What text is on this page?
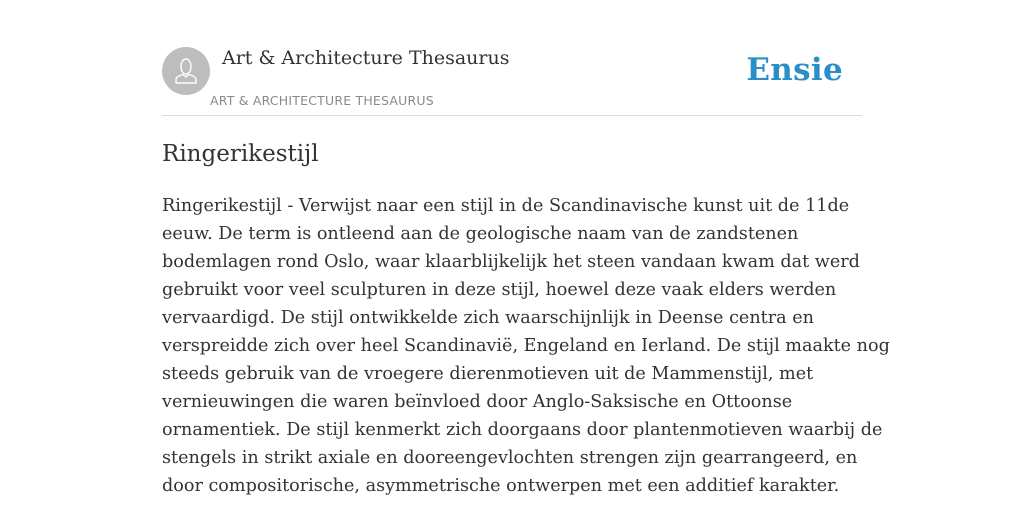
Art & Architecture Thesaurus
ART & ARCHITECTURE THESAURUS
Ensie
Ringerikestijl

Ringerikestijl - Verwijst naar een stijl in de Scandinavische kunst uit de 11de
eeuw. De term is ontleend aan de geologische naam van de zandstenen
bodemlagen rond Oslo, waar klaarblijkelijk het steen vandaan kwam dat werd
gebruikt voor veel sculpturen in deze stijl, hoewel deze vaak elders werden
vervaardigd. De stijl ontwikkelde zich waarschijnlijk in Deense centra en
verspreidde zich over heel Scandinavië, Engeland en Ierland. De stijl maakte nog
steeds gebruik van de vroegere dierenmotieven uit de Mammenstijl, met
vernieuwingen die waren beïnvloed door Anglo-Saksische en Ottoonse
ornamentiek. De stijl kenmerkt zich doorgaans door plantenmotieven waarbij de
stengels in strikt axiale en dooreengevlochten strengen zijn gearrangeerd, en
door compositorische, asymmetrische ontwerpen met een additief karakter.
